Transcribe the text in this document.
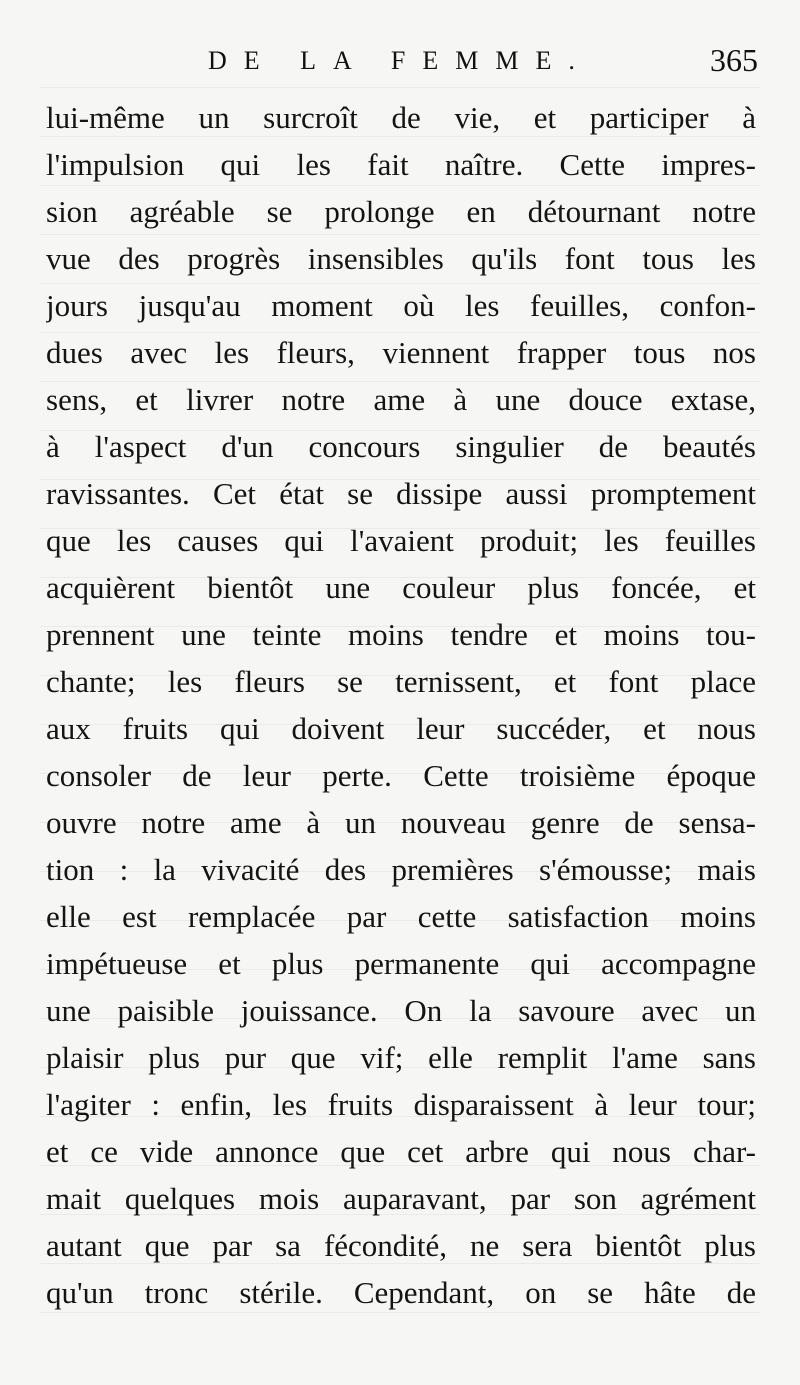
DE LA FEMME.	365
lui-même un surcroît de vie, et participer à
l'impulsion qui les fait naître. Cette impres-
sion agréable se prolonge en détournant notre
vue des progrès insensibles qu'ils font tous les
jours jusqu'au moment où les feuilles, confon-
dues avec les fleurs, viennent frapper tous nos
sens, et livrer notre ame à une douce extase,
à l'aspect d'un concours singulier de beautés
ravissantes. Cet état se dissipe aussi promptement
que les causes qui l'avaient produit; les feuilles
acquièrent bientôt une couleur plus foncée, et
prennent une teinte moins tendre et moins tou-
chante; les fleurs se ternissent, et font place
aux fruits qui doivent leur succéder, et nous
consoler de leur perte. Cette troisième époque
ouvre notre ame à un nouveau genre de sensa-
tion : la vivacité des premières s'émousse; mais
elle est remplacée par cette satisfaction moins
impétueuse et plus permanente qui accompagne
une paisible jouissance. On la savoure avec un
plaisir plus pur que vif; elle remplit l'ame sans
l'agiter : enfin, les fruits disparaissent à leur tour;
et ce vide annonce que cet arbre qui nous char-
mait quelques mois auparavant, par son agrément
autant que par sa fécondité, ne sera bientôt plus
qu'un tronc stérile. Cependant, on se hâte de
